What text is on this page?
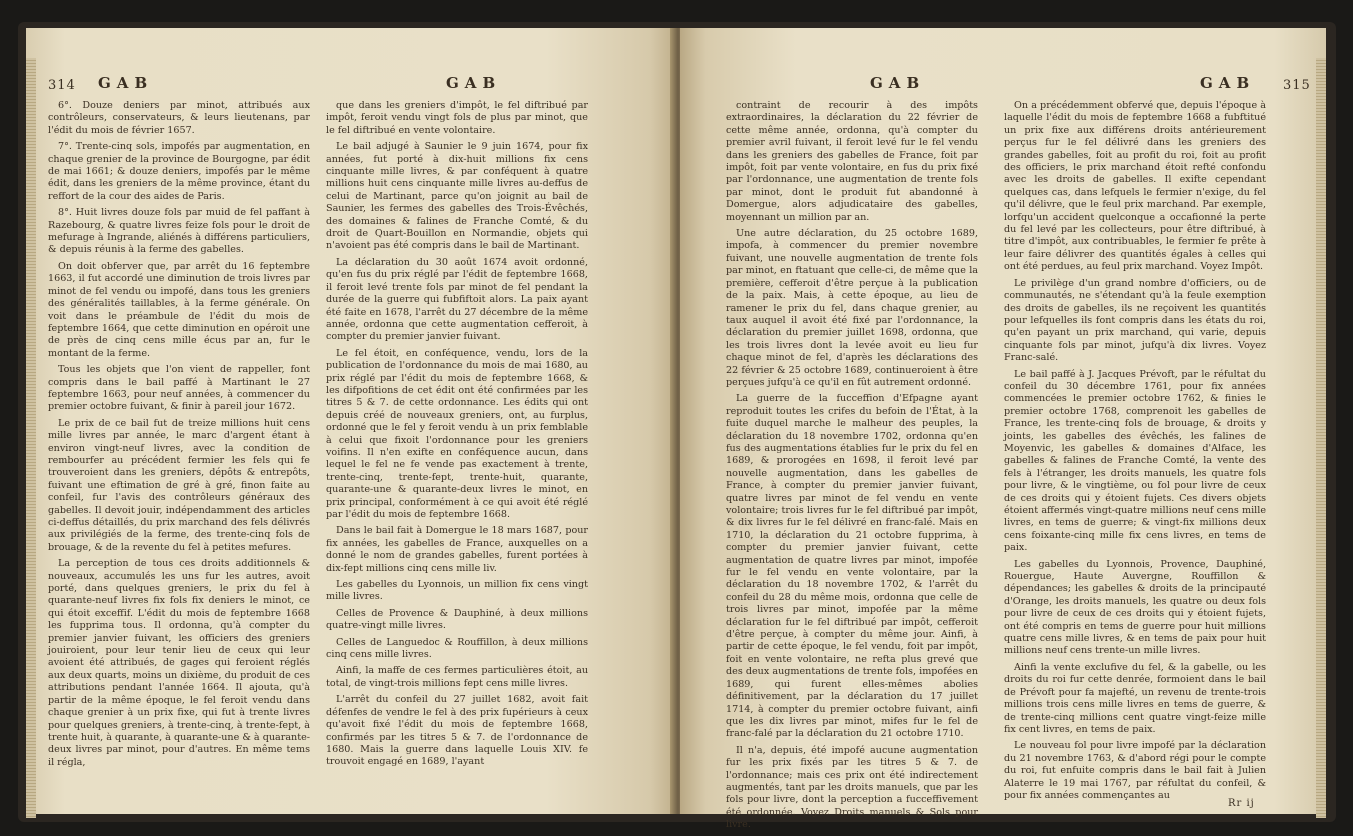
314 GAB	GAB

6°. Douze deniers par minot, attribués aux contrôleurs, conservateurs, & leurs lieutenans, par l'édit du mois de février 1657.

7°. Trente-cinq sols, impofés par augmentation, en chaque grenier de la province de Bourgogne, par édit de mai 1661; & douze deniers, impofés par le même édit, dans les greniers de la même province, étant du reffort de la cour des aides de Paris.

8°. Huit livres douze fols par muid de fel paffant à Razebourg, & quatre livres feize fols pour le droit de mefurage à Ingrande, aliénés à différens particuliers, & depuis réunis à la ferme des gabelles.

On doit obferver que, par arrêt du 16 feptembre 1663, il fut accordé une diminution de trois livres par minot de fel vendu ou impofé, dans tous les greniers des généralités taillables, à la ferme générale. On voit dans le préambule de l'édit du mois de feptembre 1664, que cette diminution en opéroit une de près de cinq cens mille écus par an, fur le montant de la ferme.

Tous les objets que l'on vient de rappeller, font compris dans le bail paffé à Martinant le 27 feptembre 1663, pour neuf années, à commencer du premier octobre fuivant, & finir à pareil jour 1672.

Le prix de ce bail fut de treize millions huit cens mille livres par année, le marc d'argent étant à environ vingt-neuf livres, avec la condition de rembourfer au précédent fermier les fels qui fe trouveroient dans les greniers, dépôts & entrepôts, fuivant une eftimation de gré à gré, finon faite au confeil, fur l'avis des contrôleurs généraux des gabelles. Il devoit jouir, indépendamment des articles ci-deffus détaillés, du prix marchand des fels délivrés aux privilégiés de la ferme, des trente-cinq fols de brouage, & de la revente du fel à petites mefures.

La perception de tous ces droits additionnels & nouveaux, accumulés les uns fur les autres, avoit porté, dans quelques greniers, le prix du fel à quarante-neuf livres fix fols fix deniers le minot, ce qui étoit exceffif. L'édit du mois de feptembre 1668 les fupprima tous. Il ordonna, qu'à compter du premier janvier fuivant, les officiers des greniers jouiroient, pour leur tenir lieu de ceux qui leur avoient été attribués, de gages qui feroient réglés aux deux quarts, moins un dixième, du produit de ces attributions pendant l'année 1664. Il ajouta, qu'à partir de la même époque, le fel feroit vendu dans chaque grenier à un prix fixe, qui fut à trente livres pour quelques greniers, à trente-cinq, à trente-fept, à trente huit, à quarante, à quarante-une & à quarante-deux livres par minot, pour d'autres. En même tems il régla,

que dans les greniers d'impôt, le fel diftribué par impôt, feroit vendu vingt fols de plus par minot, que le fel diftribué en vente volontaire.

Le bail adjugé à Saunier le 9 juin 1674, pour fix années, fut porté à dix-huit millions fix cens cinquante mille livres, & par conféquent à quatre millions huit cens cinquante mille livres au-deffus de celui de Martinant, parce qu'on joignit au bail de Saunier, les fermes des gabelles des Trois-Évêchés, des domaines & falines de Franche Comté, & du droit de Quart-Bouillon en Normandie, objets qui n'avoient pas été compris dans le bail de Martinant.

La déclaration du 30 août 1674 avoit ordonné, qu'en fus du prix réglé par l'édit de feptembre 1668, il feroit levé trente fols par minot de fel pendant la durée de la guerre qui fubfiftoit alors. La paix ayant été faite en 1678, l'arrêt du 27 décembre de la même année, ordonna que cette augmentation cefferoit, à compter du premier janvier fuivant.

Le fel étoit, en conféquence, vendu, lors de la publication de l'ordonnance du mois de mai 1680, au prix réglé par l'édit du mois de feptembre 1668, & les difpofitions de cet édit ont été confirmées par les titres 5 & 7. de cette ordonnance. Les édits qui ont depuis créé de nouveaux greniers, ont, au furplus, ordonné que le fel y feroit vendu à un prix femblable à celui que fixoit l'ordonnance pour les greniers voifins. Il n'en exifte en conféquence aucun, dans lequel le fel ne fe vende pas exactement à trente, trente-cinq, trente-fept, trente-huit, quarante, quarante-une & quarante-deux livres le minot, en prix principal, conformément à ce qui avoit été réglé par l'édit du mois de feptembre 1668.

Dans le bail fait à Domergue le 18 mars 1687, pour fix années, les gabelles de France, auxquelles on a donné le nom de grandes gabelles, furent portées à dix-fept millions cinq cens mille liv.

Les gabelles du Lyonnois, un million fix cens vingt mille livres.

Celles de Provence & Dauphiné, à deux millions quatre-vingt mille livres.

Celles de Languedoc & Rouffillon, à deux millions cinq cens mille livres.

Ainfi, la maffe de ces fermes particulières étoit, au total, de vingt-trois millions fept cens mille livres.

L'arrêt du confeil du 27 juillet 1682, avoit fait défenfes de vendre le fel à des prix fupérieurs à ceux qu'avoit fixé l'édit du mois de feptembre 1668, confirmés par les titres 5 & 7. de l'ordonnance de 1680. Mais la guerre dans laquelle Louis XIV. fe trouvoit engagé en 1689, l'ayant

GAB	GAB 315

contraint de recourir à des impôts extraordinaires, la déclaration du 22 février de cette même année, ordonna, qu'à compter du premier avril fuivant, il feroit levé fur le fel vendu dans les greniers des gabelles de France, foit par impôt, foit par vente volontaire, en fus du prix fixé par l'ordonnance, une augmentation de trente fols par minot, dont le produit fut abandonné à Domergue, alors adjudicataire des gabelles, moyennant un million par an.

Une autre déclaration, du 25 octobre 1689, impofa, à commencer du premier novembre fuivant, une nouvelle augmentation de trente fols par minot, en ftatuant que celle-ci, de même que la première, cefferoit d'être perçue à la publication de la paix. Mais, à cette époque, au lieu de ramener le prix du fel, dans chaque grenier, au taux auquel il avoit été fixé par l'ordonnance, la déclaration du premier juillet 1698, ordonna, que les trois livres dont la levée avoit eu lieu fur chaque minot de fel, d'après les déclarations des 22 février & 25 octobre 1689, continueroient à être perçues jufqu'à ce qu'il en fût autrement ordonné.

La guerre de la fucceffion d'Efpagne ayant reproduit toutes les crifes du befoin de l'État, à la fuite duquel marche le malheur des peuples, la déclaration du 18 novembre 1702, ordonna qu'en fus des augmentations établies fur le prix du fel en 1689, & prorogées en 1698, il feroit levé par nouvelle augmentation, dans les gabelles de France, à compter du premier janvier fuivant, quatre livres par minot de fel vendu en vente volontaire; trois livres fur le fel diftribué par impôt, & dix livres fur le fel délivré en franc-falé. Mais en 1710, la déclaration du 21 octobre fupprima, à compter du premier janvier fuivant, cette augmentation de quatre livres par minot, impofée fur le fel vendu en vente volontaire, par la déclaration du 18 novembre 1702, & l'arrêt du confeil du 28 du même mois, ordonna que celle de trois livres par minot, impofée par la même déclaration fur le fel diftribué par impôt, cefferoit d'être perçue, à compter du même jour. Ainfi, à partir de cette époque, le fel vendu, foit par impôt, foit en vente volontaire, ne refta plus grevé que des deux augmentations de trente fols, impofées en 1689, qui furent elles-mêmes abolies définitivement, par la déclaration du 17 juillet 1714, à compter du premier octobre fuivant, ainfi que les dix livres par minot, mifes fur le fel de franc-falé par la déclaration du 21 octobre 1710.

Il n'a, depuis, été impofé aucune augmentation fur les prix fixés par les titres 5 & 7. de l'ordonnance; mais ces prix ont été indirectement augmentés, tant par les droits manuels, que par les fols pour livre, dont la perception a fucceffivement été ordonnée. Voyez Droits manuels & Sols pour livre.

On a précédemment obfervé que, depuis l'époque à laquelle l'édit du mois de feptembre 1668 a fubftitué un prix fixe aux différens droits antérieurement perçus fur le fel délivré dans les greniers des grandes gabelles, foit au profit du roi, foit au profit des officiers, le prix marchand étoit refté confondu avec les droits de gabelles. Il exifte cependant quelques cas, dans lefquels le fermier n'exige, du fel qu'il délivre, que le feul prix marchand. Par exemple, lorfqu'un accident quelconque a occafionné la perte du fel levé par les collecteurs, pour être diftribué, à titre d'impôt, aux contribuables, le fermier fe prête à leur faire délivrer des quantités égales à celles qui ont été perdues, au feul prix marchand. Voyez Impôt.

Le privilège d'un grand nombre d'officiers, ou de communautés, ne s'étendant qu'à la feule exemption des droits de gabelles, ils ne reçoivent les quantités pour lefquelles ils font compris dans les états du roi, qu'en payant un prix marchand, qui varie, depuis cinquante fols par minot, jufqu'à dix livres. Voyez Franc-salé.

Le bail paffé à J. Jacques Prévoft, par le réfultat du confeil du 30 décembre 1761, pour fix années commencées le premier octobre 1762, & finies le premier octobre 1768, comprenoit les gabelles de France, les trente-cinq fols de brouage, & droits y joints, les gabelles des évêchés, les falines de Moyenvic, les gabelles & domaines d'Alface, les gabelles & falines de Franche Comté, la vente des fels à l'étranger, les droits manuels, les quatre fols pour livre, & le vingtième, ou fol pour livre de ceux de ces droits qui y étoient fujets. Ces divers objets étoient affermés vingt-quatre millions neuf cens mille livres, en tems de guerre; & vingt-fix millions deux cens foixante-cinq mille fix cens livres, en tems de paix.

Les gabelles du Lyonnois, Provence, Dauphiné, Rouergue, Haute Auvergne, Rouffillon & dépendances; les gabelles & droits de la principauté d'Orange, les droits manuels, les quatre ou deux fols pour livre de ceux de ces droits qui y étoient fujets, ont été compris en tems de guerre pour huit millions quatre cens mille livres, & en tems de paix pour huit millions neuf cens trente-un mille livres.

Ainfi la vente exclufive du fel, & la gabelle, ou les droits du roi fur cette denrée, formoient dans le bail de Prévoft pour fa majefté, un revenu de trente-trois millions trois cens mille livres en tems de guerre, & de trente-cinq millions cent quatre vingt-feize mille fix cent livres, en tems de paix.

Le nouveau fol pour livre impofé par la déclaration du 21 novembre 1763, & d'abord régi pour le compte du roi, fut enfuite compris dans le bail fait à Julien Alaterre le 19 mai 1767, par réfultat du confeil, & pour fix années commençantes au

Rr ij
